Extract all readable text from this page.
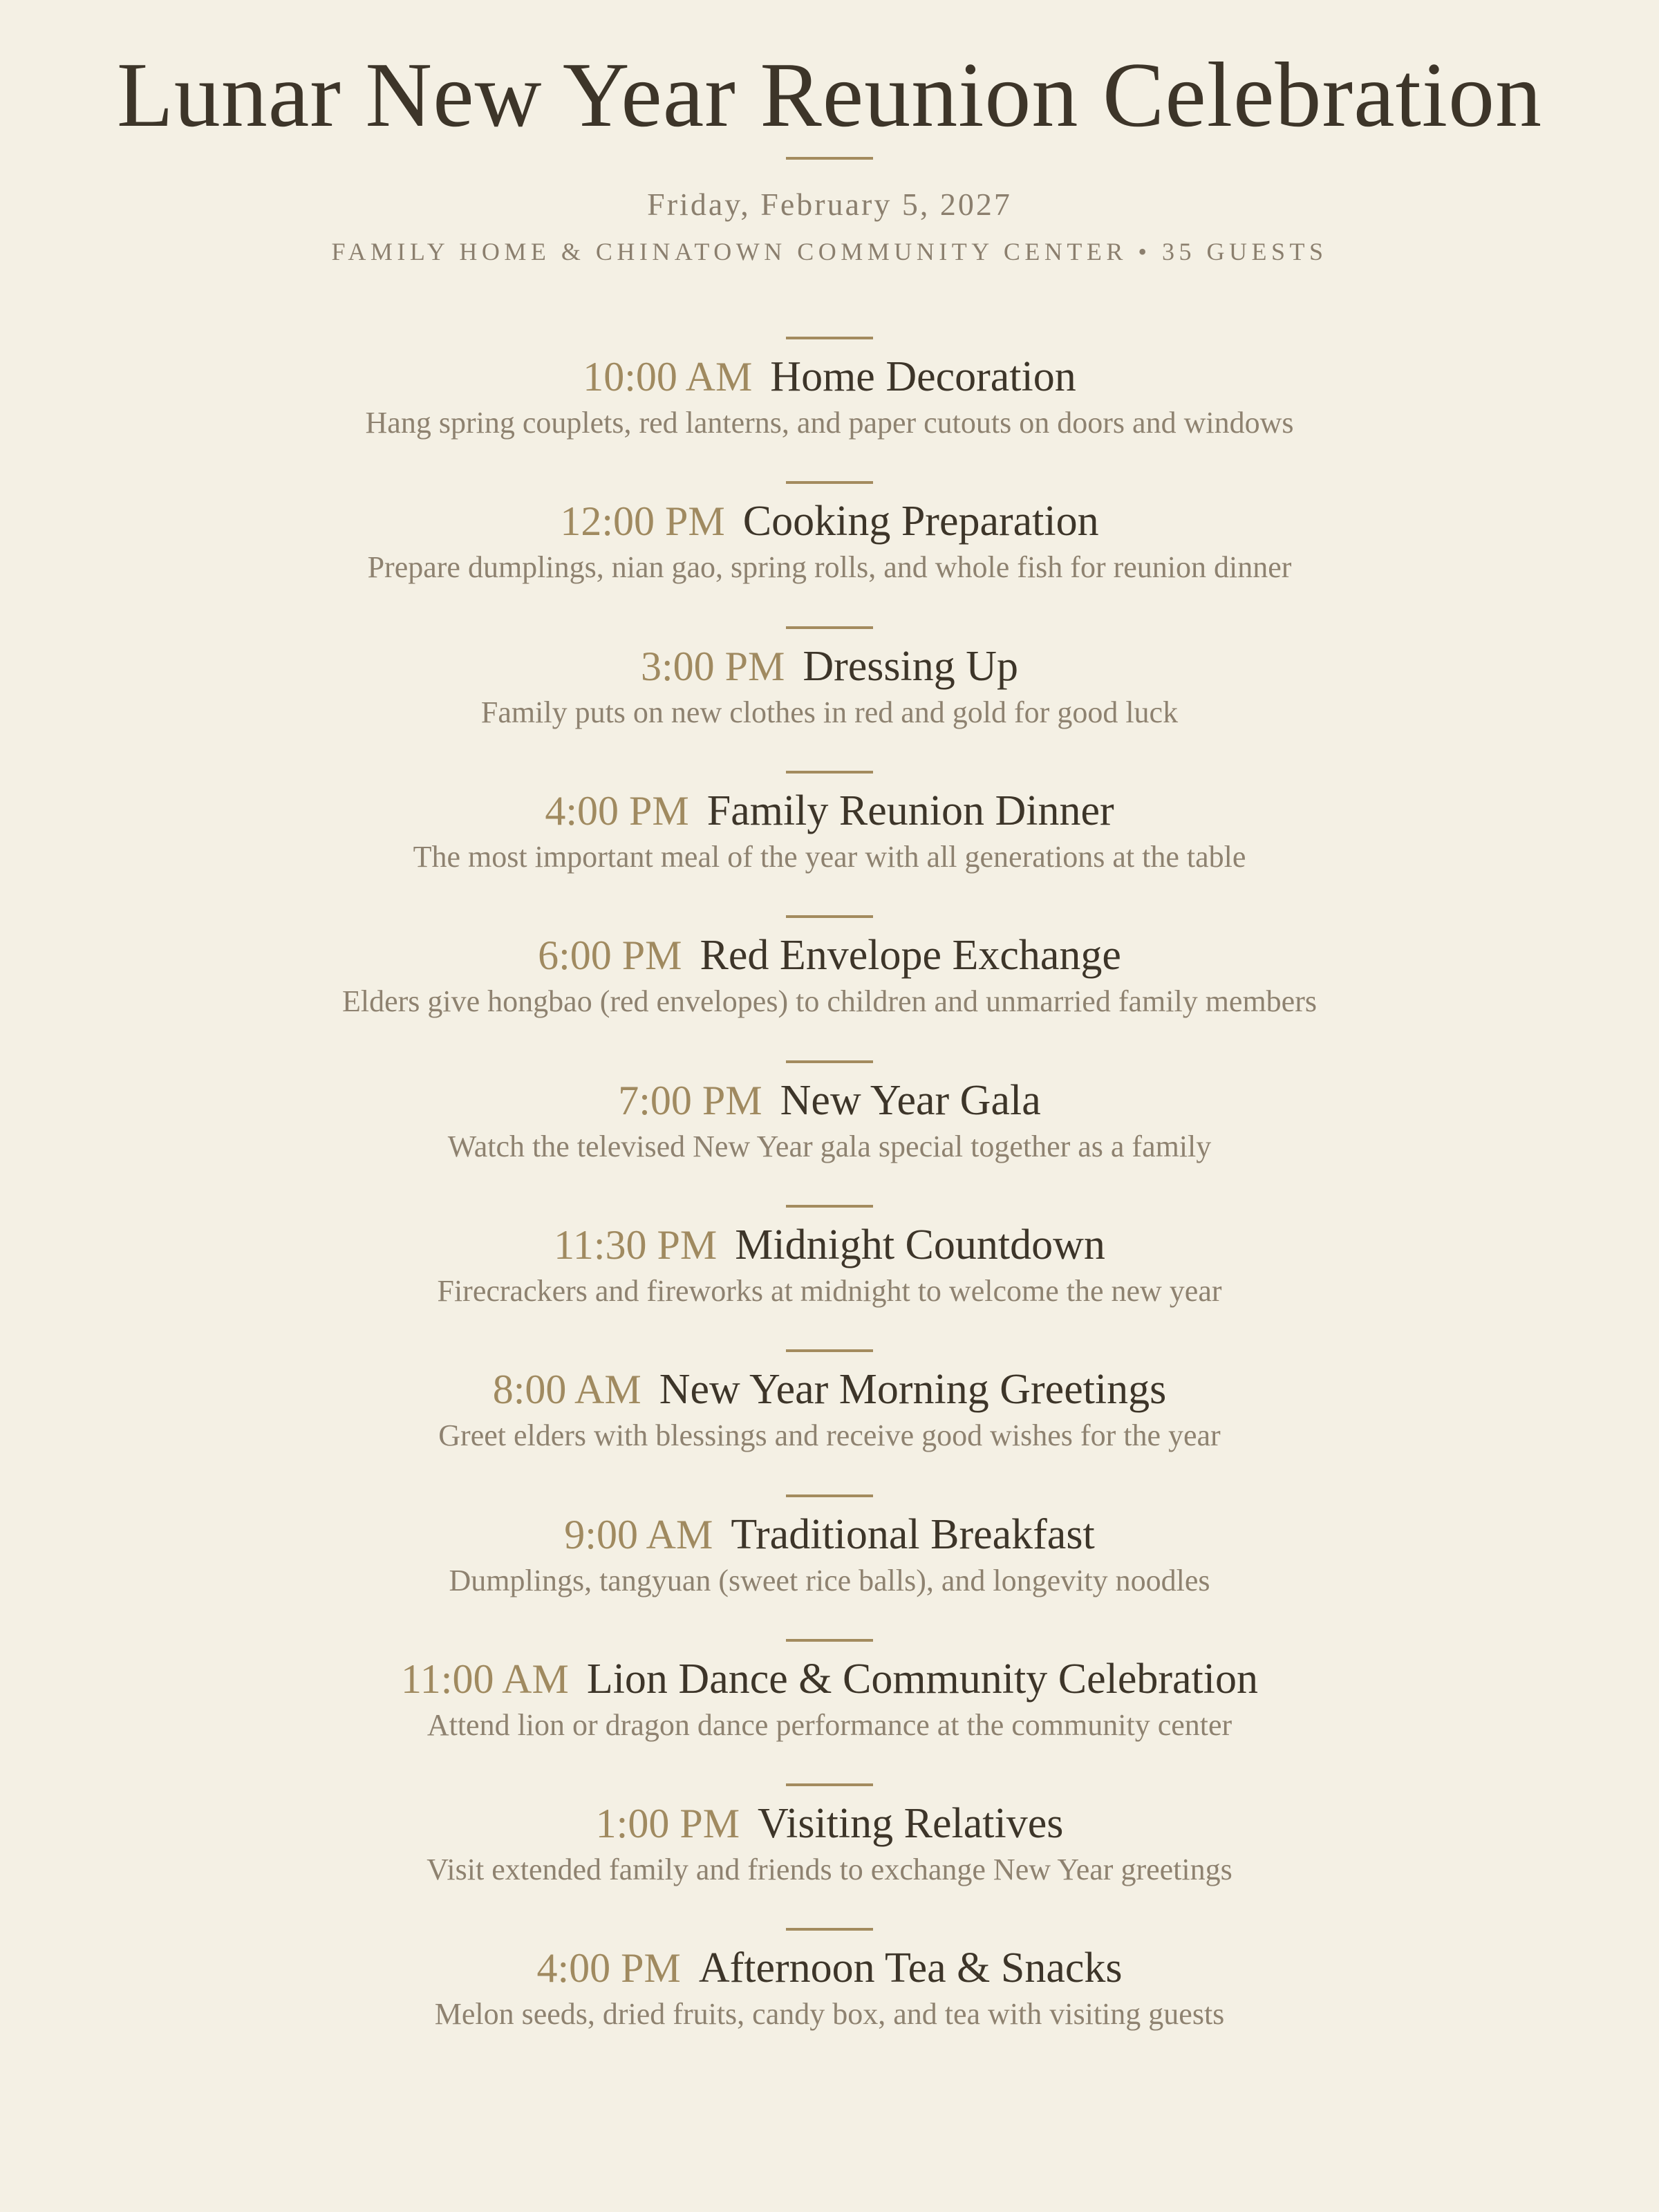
Lunar New Year Reunion Celebration
Friday, February 5, 2027
FAMILY HOME & CHINATOWN COMMUNITY CENTER • 35 GUESTS
10:00 AM Home Decoration
Hang spring couplets, red lanterns, and paper cutouts on doors and windows
12:00 PM Cooking Preparation
Prepare dumplings, nian gao, spring rolls, and whole fish for reunion dinner
3:00 PM Dressing Up
Family puts on new clothes in red and gold for good luck
4:00 PM Family Reunion Dinner
The most important meal of the year with all generations at the table
6:00 PM Red Envelope Exchange
Elders give hongbao (red envelopes) to children and unmarried family members
7:00 PM New Year Gala
Watch the televised New Year gala special together as a family
11:30 PM Midnight Countdown
Firecrackers and fireworks at midnight to welcome the new year
8:00 AM New Year Morning Greetings
Greet elders with blessings and receive good wishes for the year
9:00 AM Traditional Breakfast
Dumplings, tangyuan (sweet rice balls), and longevity noodles
11:00 AM Lion Dance & Community Celebration
Attend lion or dragon dance performance at the community center
1:00 PM Visiting Relatives
Visit extended family and friends to exchange New Year greetings
4:00 PM Afternoon Tea & Snacks
Melon seeds, dried fruits, candy box, and tea with visiting guests
